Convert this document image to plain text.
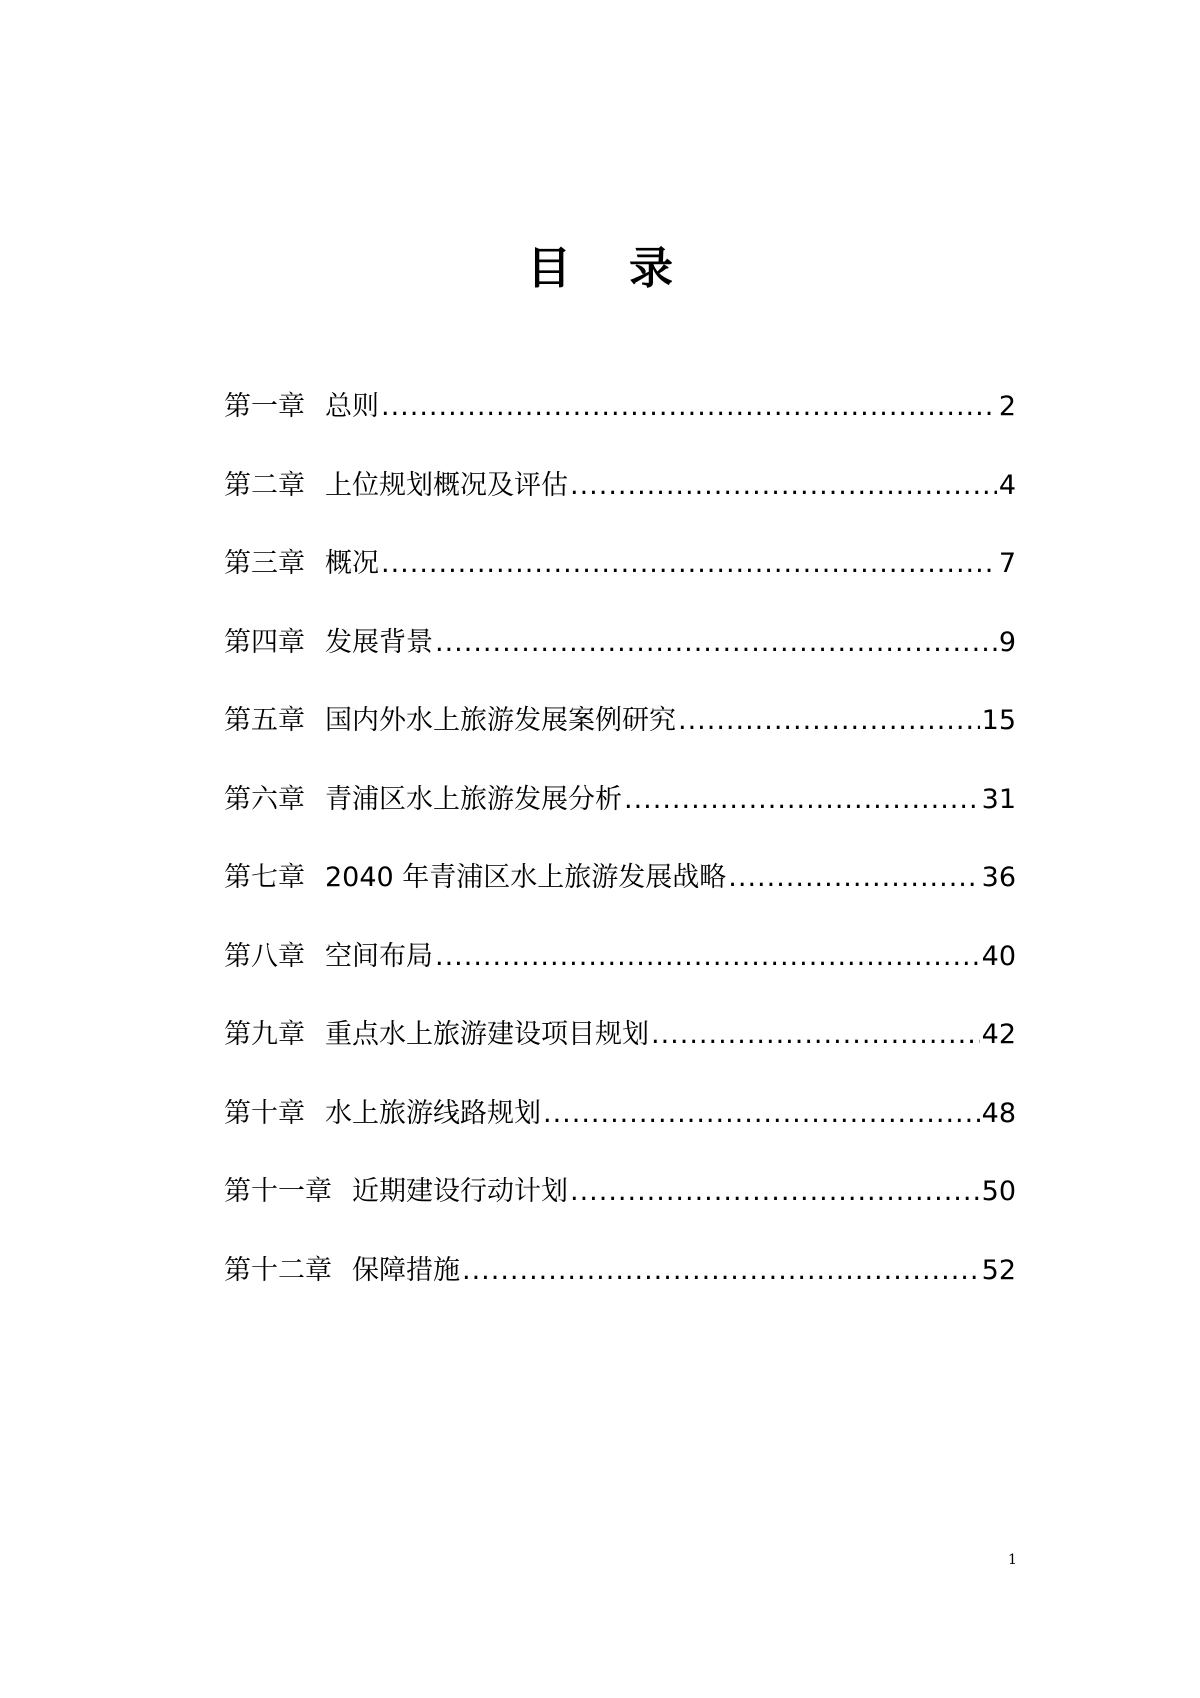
目录
第一章 总则 .....	2
第二章 上位规划概况及评估 .....	4
第三章 概况 .....	7
第四章 发展背景 .....	9
第五章 国内外水上旅游发展案例研究 .....	15
第六章 青浦区水上旅游发展分析 .....	31
第七章 2040 年青浦区水上旅游发展战略 .....	36
第八章 空间布局 .....	40
第九章 重点水上旅游建设项目规划 .....	42
第十章 水上旅游线路规划 .....	48
第十一章 近期建设行动计划 .....	50
第十二章 保障措施 .....	52
1
